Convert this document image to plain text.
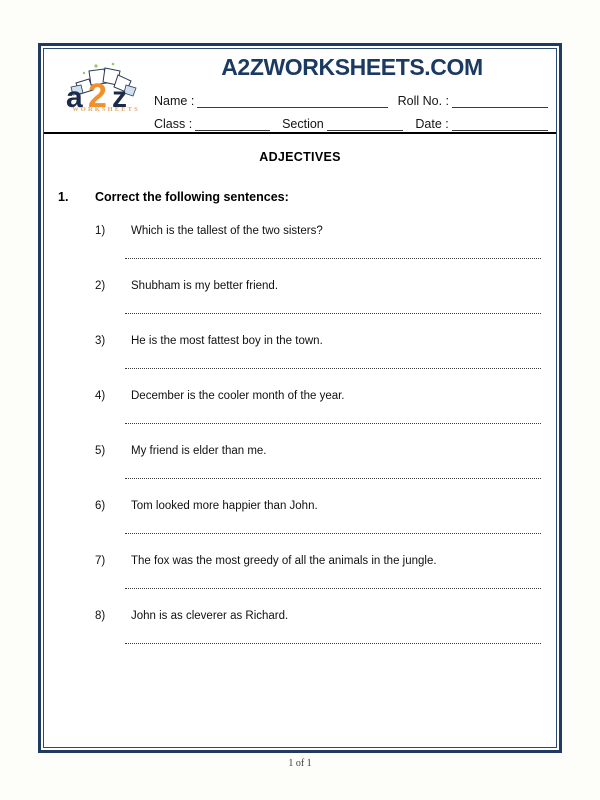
a 2 z
WORKSHEETS
A2ZWORKSHEETS.COM
Name :	Roll No. :
Class :	Section	Date :
ADJECTIVES
1.	Correct the following sentences:
1)	Which is the tallest of the two sisters?
2)	Shubham is my better friend.
3)	He is the most fattest boy in the town.
4)	December is the cooler month of the year.
5)	My friend is elder than me.
6)	Tom looked more happier than John.
7)	The fox was the most greedy of all the animals in the jungle.
8)	John is as cleverer as Richard.
1 of 1
